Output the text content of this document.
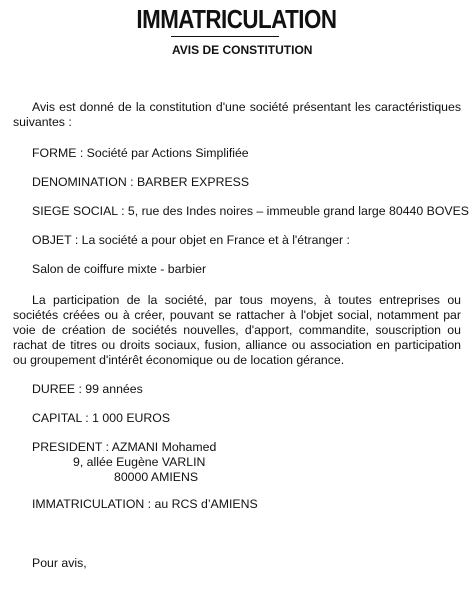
IMMATRICULATION
AVIS DE CONSTITUTION
Avis est donné de la constitution d'une société présentant les caractéristiques suivantes :
FORME : Société par Actions Simplifiée
DENOMINATION : BARBER EXPRESS
SIEGE SOCIAL : 5, rue des Indes noires – immeuble grand large 80440 BOVES
OBJET : La société a pour objet en France et à l'étranger :
Salon de coiffure mixte - barbier
La participation de la société, par tous moyens, à toutes entreprises ou sociétés créées ou à créer, pouvant se rattacher à l'objet social, notamment par voie de création de sociétés nouvelles, d'apport, commandite, souscription ou rachat de titres ou droits sociaux, fusion, alliance ou association en participation ou groupement d'intérêt économique ou de location gérance.
DUREE : 99 années
CAPITAL : 1 000 EUROS
PRESIDENT : AZMANI Mohamed
9, allée Eugène VARLIN
80000 AMIENS
IMMATRICULATION : au RCS d’AMIENS
Pour avis,
